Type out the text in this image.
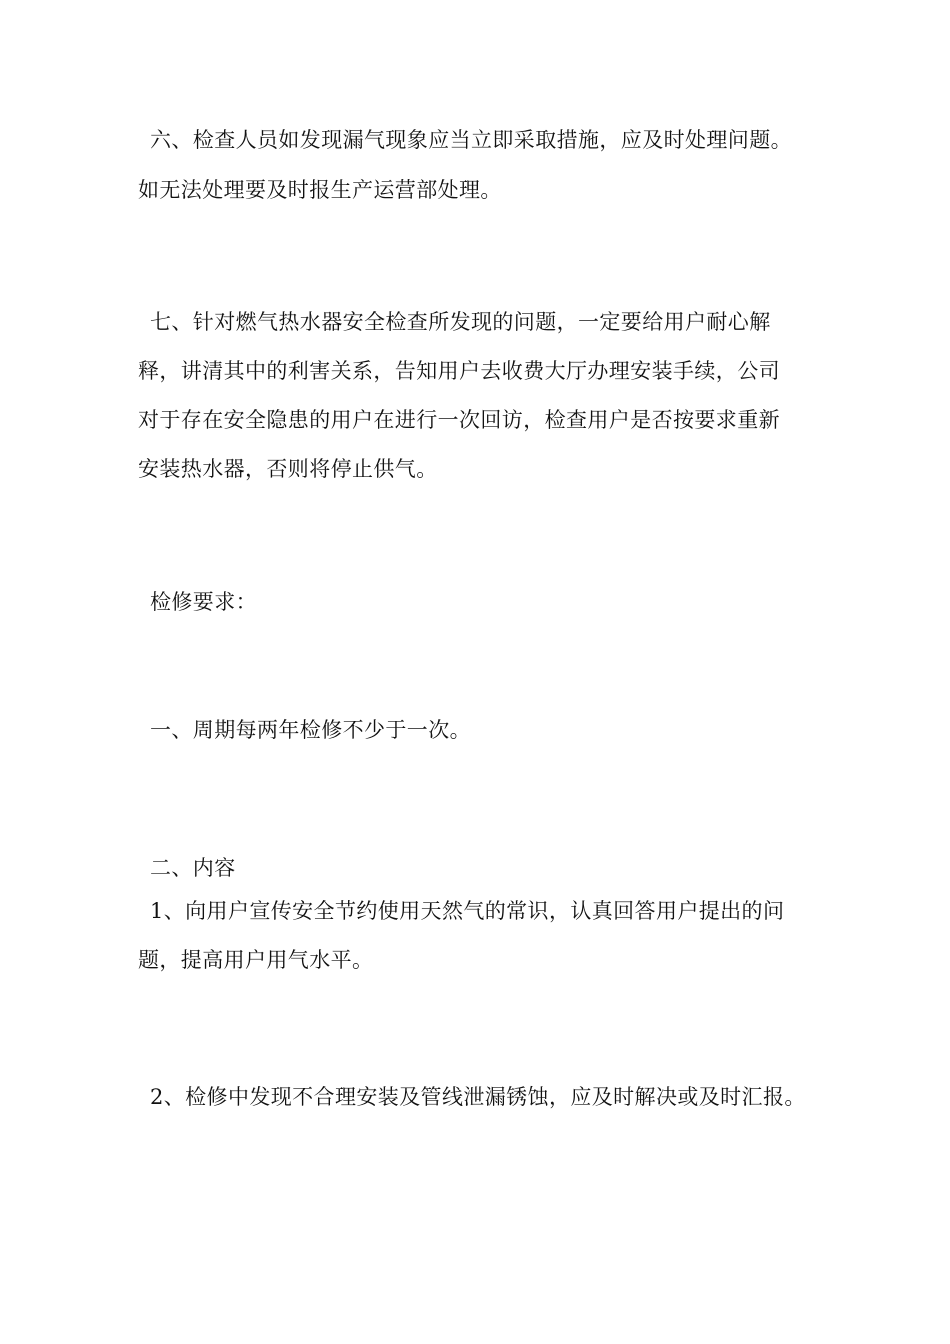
六、检查人员如发现漏气现象应当立即采取措施，应及时处理问题。
如无法处理要及时报生产运营部处理。
七、针对燃气热水器安全检查所发现的问题，一定要给用户耐心解
释，讲清其中的利害关系，告知用户去收费大厅办理安装手续，公司
对于存在安全隐患的用户在进行一次回访，检查用户是否按要求重新
安装热水器，否则将停止供气。
检修要求：
一、周期每两年检修不少于一次。
二、内容
1、向用户宣传安全节约使用天然气的常识，认真回答用户提出的问
题，提高用户用气水平。
2、检修中发现不合理安装及管线泄漏锈蚀，应及时解决或及时汇报。
